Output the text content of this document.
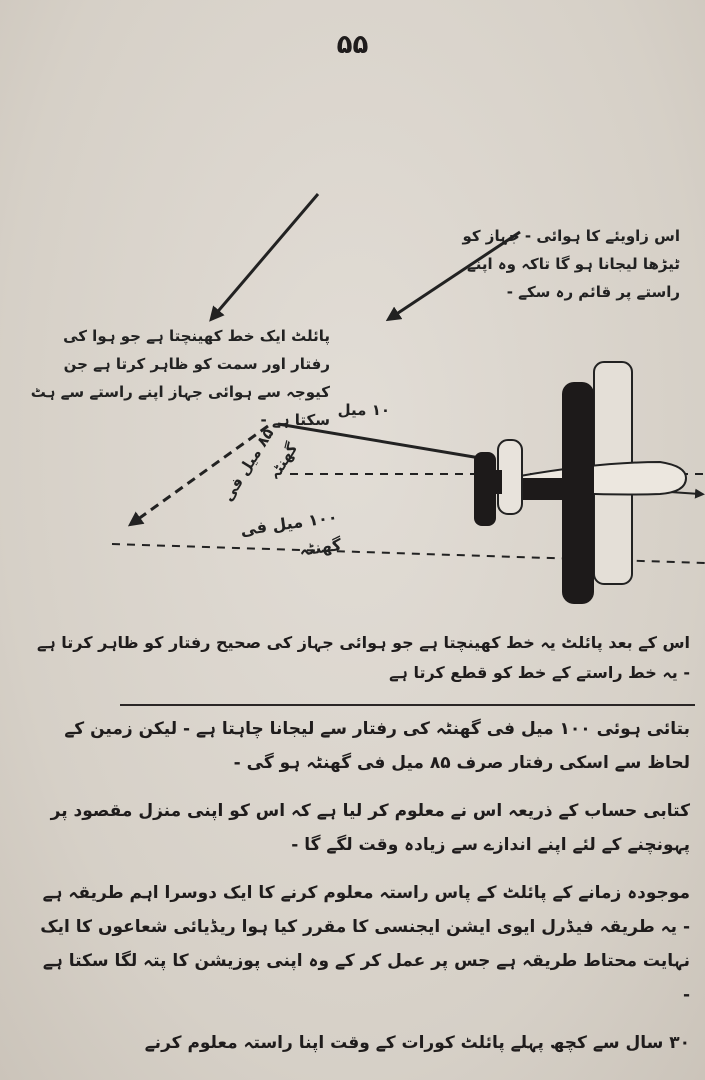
۵۵
اس زاویئے کا ہوائی - جہاز کو ٹیڑھا لیجانا ہو گا تاکہ وہ اپنے راستے پر قائم رہ سکے -
پائلٹ ایک خط کھینچتا ہے جو ہوا کی رفتار اور سمت کو ظاہر کرتا ہے جن کیوجہ سے ہوائی جہاز اپنے راستے سے ہٹ سکتا ہے -
۱۰ میل
۸۵ میل فی گھنٹہ
۱۰۰ میل فی گھنٹہ
اس کے بعد پائلٹ یہ خط کھینچتا ہے جو ہوائی جہاز کی صحیح رفتار کو ظاہر کرتا ہے - یہ خط راستے کے خط کو قطع کرتا ہے

بتائی ہوئی ۱۰۰ میل فی گھنٹہ کی رفتار سے لیجانا چاہتا ہے - لیکن زمین کے لحاظ سے اسکی رفتار صرف ۸۵ میل فی گھنٹہ ہو گی -

کتابی حساب کے ذریعہ اس نے معلوم کر لیا ہے کہ اس کو اپنی منزل مقصود پر پہونچنے کے لئے اپنے اندازے سے زیادہ وقت لگے گا -

موجودہ زمانے کے پائلٹ کے پاس راستہ معلوم کرنے کا ایک دوسرا اہم طریقہ ہے - یہ طریقہ فیڈرل ایوی ایشن ایجنسی کا مقرر کیا ہوا ریڈیائی شعاعوں کا ایک نہایت محتاط طریقہ ہے جس پر عمل کر کے وہ اپنی پوزیشن کا پتہ لگا سکتا ہے -

۳۰ سال سے کچھ پہلے پائلٹ کورات کے وقت اپنا راستہ معلوم کرنے
